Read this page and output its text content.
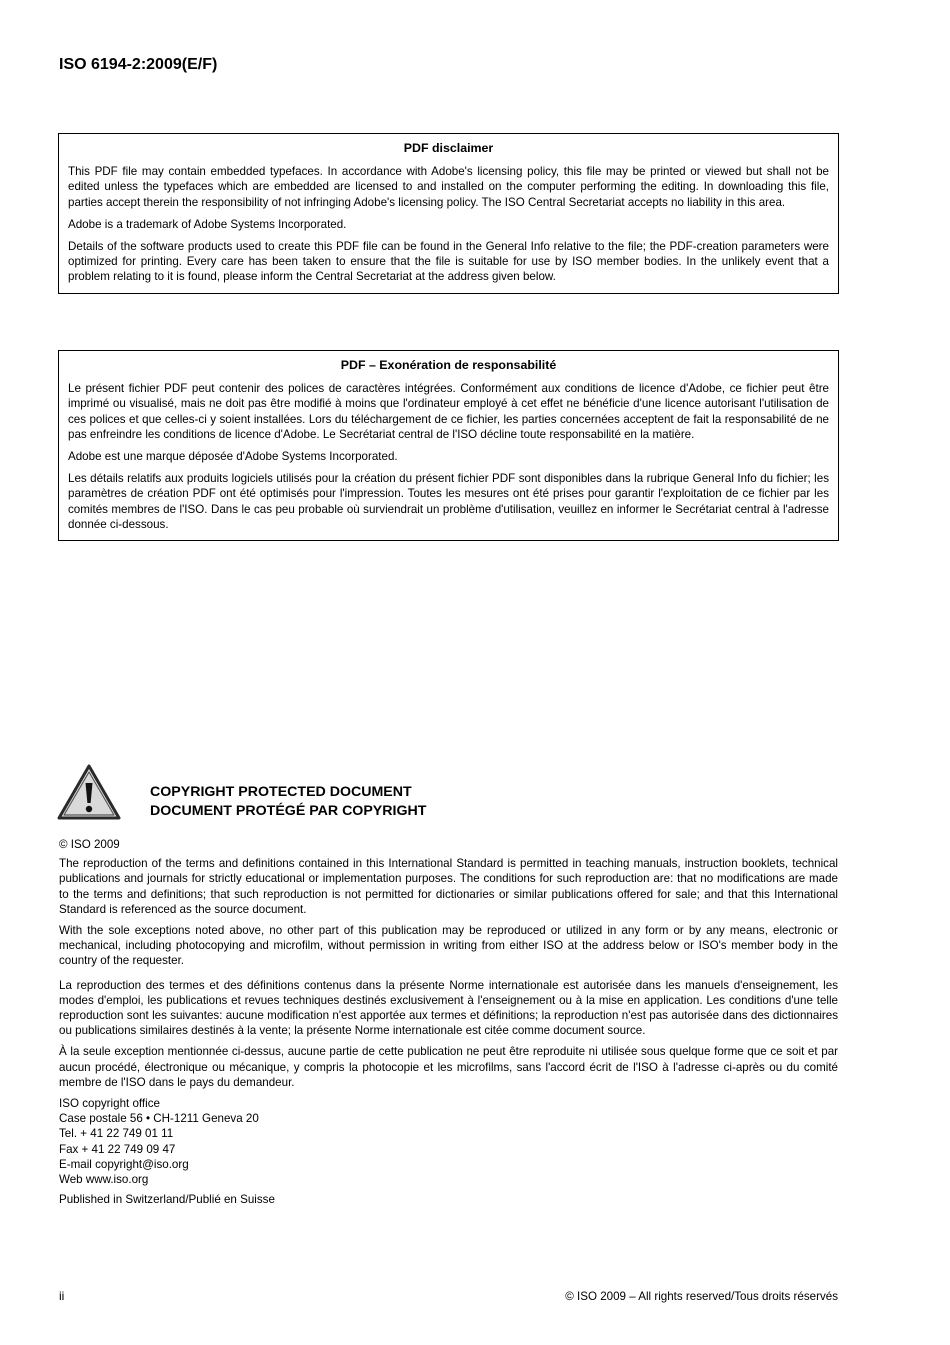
ISO 6194-2:2009(E/F)
PDF disclaimer

This PDF file may contain embedded typefaces. In accordance with Adobe's licensing policy, this file may be printed or viewed but shall not be edited unless the typefaces which are embedded are licensed to and installed on the computer performing the editing. In downloading this file, parties accept therein the responsibility of not infringing Adobe's licensing policy. The ISO Central Secretariat accepts no liability in this area.

Adobe is a trademark of Adobe Systems Incorporated.

Details of the software products used to create this PDF file can be found in the General Info relative to the file; the PDF-creation parameters were optimized for printing. Every care has been taken to ensure that the file is suitable for use by ISO member bodies. In the unlikely event that a problem relating to it is found, please inform the Central Secretariat at the address given below.

PDF – Exonération de responsabilité

Le présent fichier PDF peut contenir des polices de caractères intégrées. Conformément aux conditions de licence d'Adobe, ce fichier peut être imprimé ou visualisé, mais ne doit pas être modifié à moins que l'ordinateur employé à cet effet ne bénéficie d'une licence autorisant l'utilisation de ces polices et que celles-ci y soient installées. Lors du téléchargement de ce fichier, les parties concernées acceptent de fait la responsabilité de ne pas enfreindre les conditions de licence d'Adobe. Le Secrétariat central de l'ISO décline toute responsabilité en la matière.

Adobe est une marque déposée d'Adobe Systems Incorporated.

Les détails relatifs aux produits logiciels utilisés pour la création du présent fichier PDF sont disponibles dans la rubrique General Info du fichier; les paramètres de création PDF ont été optimisés pour l'impression. Toutes les mesures ont été prises pour garantir l'exploitation de ce fichier par les comités membres de l'ISO. Dans le cas peu probable où surviendrait un problème d'utilisation, veuillez en informer le Secrétariat central à l'adresse donnée ci-dessous.

COPYRIGHT PROTECTED DOCUMENT
DOCUMENT PROTÉGÉ PAR COPYRIGHT
© ISO 2009

The reproduction of the terms and definitions contained in this International Standard is permitted in teaching manuals, instruction booklets, technical publications and journals for strictly educational or implementation purposes. The conditions for such reproduction are: that no modifications are made to the terms and definitions; that such reproduction is not permitted for dictionaries or similar publications offered for sale; and that this International Standard is referenced as the source document.

With the sole exceptions noted above, no other part of this publication may be reproduced or utilized in any form or by any means, electronic or mechanical, including photocopying and microfilm, without permission in writing from either ISO at the address below or ISO's member body in the country of the requester.

La reproduction des termes et des définitions contenus dans la présente Norme internationale est autorisée dans les manuels d'enseignement, les modes d'emploi, les publications et revues techniques destinés exclusivement à l'enseignement ou à la mise en application. Les conditions d'une telle reproduction sont les suivantes: aucune modification n'est apportée aux termes et définitions; la reproduction n'est pas autorisée dans des dictionnaires ou publications similaires destinés à la vente; la présente Norme internationale est citée comme document source.

À la seule exception mentionnée ci-dessus, aucune partie de cette publication ne peut être reproduite ni utilisée sous quelque forme que ce soit et par aucun procédé, électronique ou mécanique, y compris la photocopie et les microfilms, sans l'accord écrit de l'ISO à l'adresse ci-après ou du comité membre de l'ISO dans le pays du demandeur.

ISO copyright office
Case postale 56 • CH-1211 Geneva 20
Tel. + 41 22 749 01 11
Fax + 41 22 749 09 47
E-mail copyright@iso.org
Web www.iso.org
Published in Switzerland/Publié en Suisse
ii	© ISO 2009 – All rights reserved/Tous droits réservés
